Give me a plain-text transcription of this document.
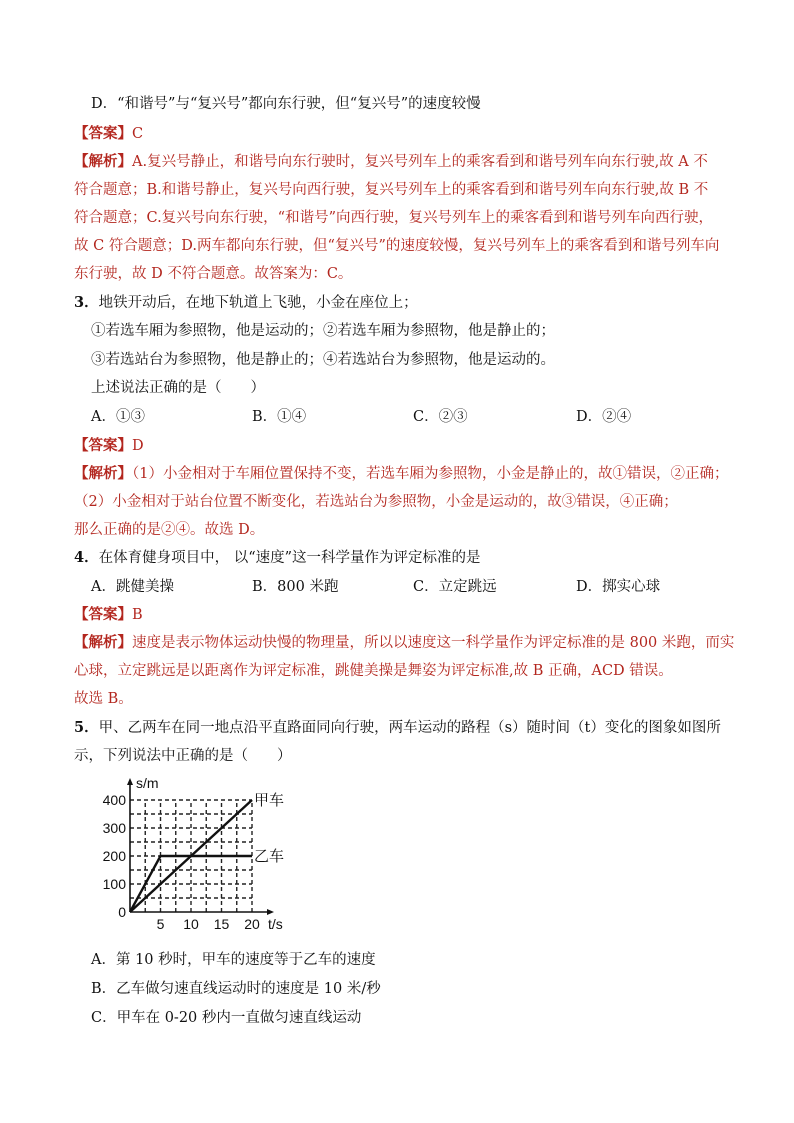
D．“和谐号”与“复兴号”都向东行驶，但“复兴号”的速度较慢
【答案】C
【解析】A.复兴号静止，和谐号向东行驶时，复兴号列车上的乘客看到和谐号列车向东行驶,故 A 不
符合题意；B.和谐号静止，复兴号向西行驶，复兴号列车上的乘客看到和谐号列车向东行驶,故 B 不
符合题意；C.复兴号向东行驶，“和谐号”向西行驶，复兴号列车上的乘客看到和谐号列车向西行驶，
故 C 符合题意；D.两车都向东行驶，但“复兴号”的速度较慢，复兴号列车上的乘客看到和谐号列车向
东行驶，故 D 不符合题意。故答案为：C。
3．地铁开动后，在地下轨道上飞驰，小金在座位上；
①若选车厢为参照物，他是运动的；②若选车厢为参照物，他是静止的；
③若选站台为参照物，他是静止的；④若选站台为参照物，他是运动的。
上述说法正确的是（　　）
A．①③	B．①④	C．②③	D．②④
【答案】D
【解析】（1）小金相对于车厢位置保持不变，若选车厢为参照物，小金是静止的，故①错误，②正确；
（2）小金相对于站台位置不断变化，若选站台为参照物，小金是运动的，故③错误，④正确；
那么正确的是②④。故选 D。
4．在体育健身项目中， 以“速度”这一科学量作为评定标准的是
A．跳健美操	B．800 米跑	C．立定跳远	D．掷实心球
【答案】B
【解析】速度是表示物体运动快慢的物理量，所以以速度这一科学量作为评定标准的是 800 米跑，而实
心球，立定跳远是以距离作为评定标准，跳健美操是舞姿为评定标准,故 B 正确，ACD 错误。
故选 B。
5．甲、乙两车在同一地点沿平直路面同向行驶，两车运动的路程（s）随时间（t）变化的图象如图所
示，下列说法中正确的是（　　）
5 10 15 20
100
200
300
400
0
t/s
s/m
甲车
乙车
A．第 10 秒时，甲车的速度等于乙车的速度
B．乙车做匀速直线运动时的速度是 10 米/秒
C．甲车在 0-20 秒内一直做匀速直线运动
